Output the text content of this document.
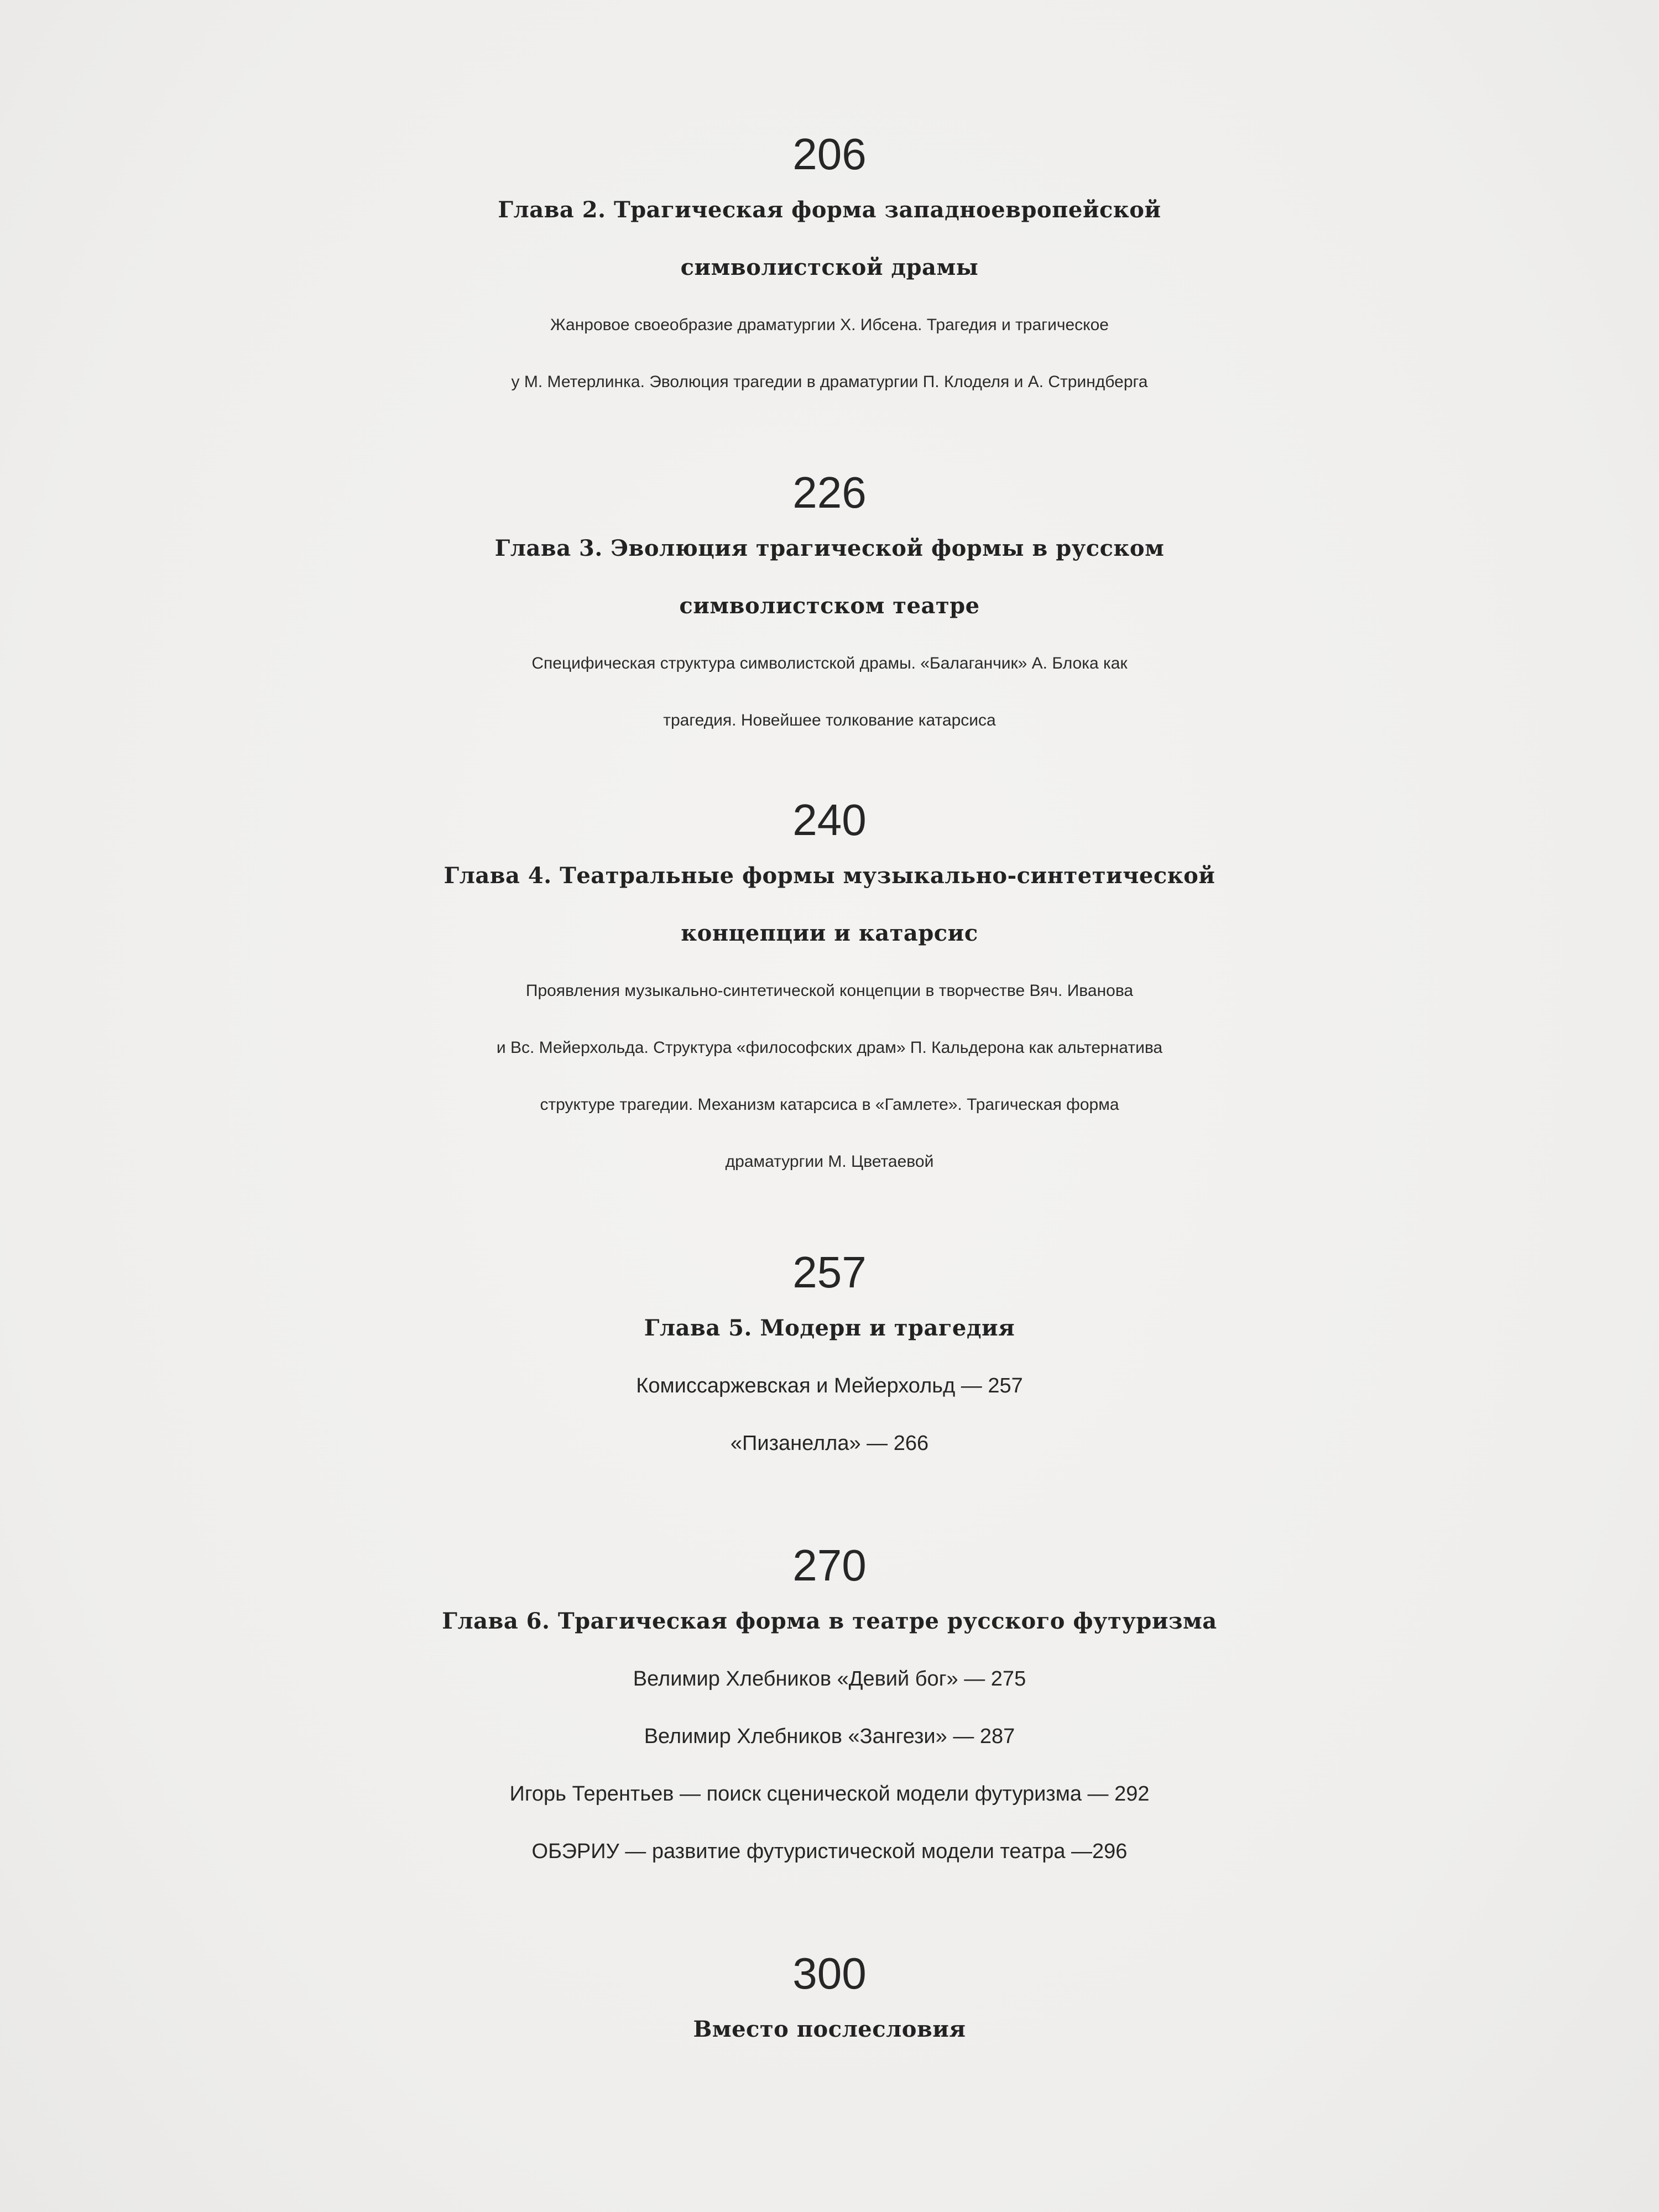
206

Глава 2. Трагическая форма западноевропейской

символистской драмы

Жанровое своеобразие драматургии Х. Ибсена. Трагедия и трагическое
у М. Метерлинка. Эволюция трагедии в драматургии П. Клоделя и А. Стриндберга

226

Глава 3. Эволюция трагической формы в русском

символистском театре

Специфическая структура символистской драмы. «Балаганчик» А. Блока как
трагедия. Новейшее толкование катарсиса

240

Глава 4. Театральные формы музыкально-синтетической

концепции и катарсис

Проявления музыкально-синтетической концепции в творчестве Вяч. Иванова
и Вс. Мейерхольда. Структура «философских драм» П. Кальдерона как альтернатива
структуре трагедии. Механизм катарсиса в «Гамлете». Трагическая форма
драматургии М. Цветаевой

257

Глава 5. Модерн и трагедия

Комиссаржевская и Мейерхольд — 257

«Пизанелла» — 266

270

Глава 6. Трагическая форма в театре русского футуризма

Велимир Хлебников «Девий бог» — 275

Велимир Хлебников «Зангези» — 287

Игорь Терентьев — поиск сценической модели футуризма — 292

ОБЭРИУ — развитие футуристической модели театра —296

300

Вместо послесловия
